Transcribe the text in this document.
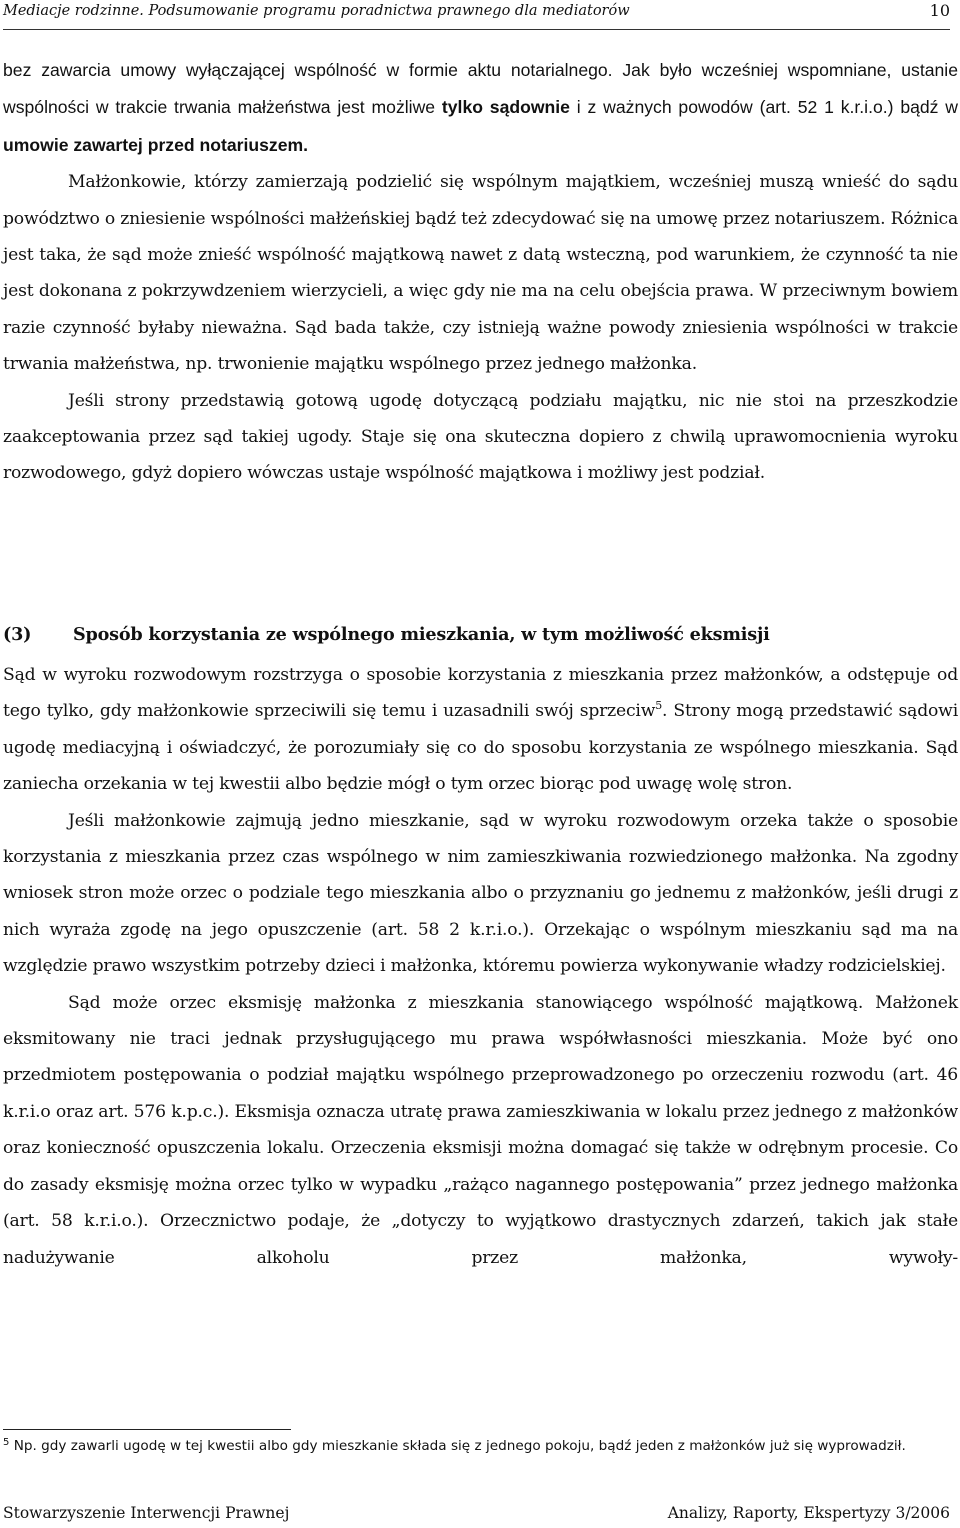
Mediacje rodzinne. Podsumowanie programu poradnictwa prawnego dla mediatorów	10

bez zawarcia umowy wyłączającej wspólność w formie aktu notarialnego. Jak było wcześniej wspomniane, ustanie wspólności w trakcie trwania małżeństwa jest możliwe tylko sądownie i z ważnych powodów (art. 52 1 k.r.i.o.) bądź w umowie zawartej przed notariuszem.

Małżonkowie, którzy zamierzają podzielić się wspólnym majątkiem, wcześniej muszą wnieść do sądu powództwo o zniesienie wspólności małżeńskiej bądź też zdecydować się na umowę przez notariuszem. Różnica jest taka, że sąd może znieść wspólność majątkową nawet z datą wsteczną, pod warunkiem, że czynność ta nie jest dokonana z pokrzywdzeniem wierzycieli, a więc gdy nie ma na celu obejścia prawa. W przeciwnym bowiem razie czynność byłaby nieważna. Sąd bada także, czy istnieją ważne powody zniesienia wspólności w trakcie trwania małżeństwa, np. trwonienie majątku wspólnego przez jednego małżonka.

Jeśli strony przedstawią gotową ugodę dotyczącą podziału majątku, nic nie stoi na przeszkodzie zaakceptowania przez sąd takiej ugody. Staje się ona skuteczna dopiero z chwilą uprawomocnienia wyroku rozwodowego, gdyż dopiero wówczas ustaje wspólność majątkowa i możliwy jest podział.

(3) Sposób korzystania ze wspólnego mieszkania, w tym możliwość eksmisji

Sąd w wyroku rozwodowym rozstrzyga o sposobie korzystania z mieszkania przez małżonków, a odstępuje od tego tylko, gdy małżonkowie sprzeciwili się temu i uzasadnili swój sprzeciw$^5$. Strony mogą przedstawić sądowi ugodę mediacyjną i oświadczyć, że porozumiały się co do sposobu korzystania ze wspólnego mieszkania. Sąd zaniecha orzekania w tej kwestii albo będzie mógł o tym orzec biorąc pod uwagę wolę stron.

Jeśli małżonkowie zajmują jedno mieszkanie, sąd w wyroku rozwodowym orzeka także o sposobie korzystania z mieszkania przez czas wspólnego w nim zamieszkiwania rozwiedzionego małżonka. Na zgodny wniosek stron może orzec o podziale tego mieszkania albo o przyznaniu go jednemu z małżonków, jeśli drugi z nich wyraża zgodę na jego opuszczenie (art. 58 2 k.r.i.o.). Orzekając o wspólnym mieszkaniu sąd ma na względzie prawo wszystkim potrzeby dzieci i małżonka, któremu powierza wykonywanie władzy rodzicielskiej.

Sąd może orzec eksmisję małżonka z mieszkania stanowiącego wspólność majątkową. Małżonek eksmitowany nie traci jednak przysługującego mu prawa współwłasności mieszkania. Może być ono przedmiotem postępowania o podział majątku wspólnego przeprowadzonego po orzeczeniu rozwodu (art. 46 k.r.i.o oraz art. 576 k.p.c.). Eksmisja oznacza utratę prawa zamieszkiwania w lokalu przez jednego z małżonków oraz konieczność opuszczenia lokalu. Orzeczenia eksmisji można domagać się także w odrębnym procesie. Co do zasady eksmisję można orzec tylko w wypadku „rażąco nagannego postępowania” przez jednego małżonka (art. 58 k.r.i.o.). Orzecznictwo podaje, że „dotyczy to wyjątkowo drastycznych zdarzeń, takich jak stałe nadużywanie alkoholu przez małżonka, wywoły-

$^5$ Np. gdy zawarli ugodę w tej kwestii albo gdy mieszkanie składa się z jednego pokoju, bądź jeden z małżonków już się wyprowadził.
Stowarzyszenie Interwencji Prawnej	Analizy, Raporty, Ekspertyzy 3/2006
